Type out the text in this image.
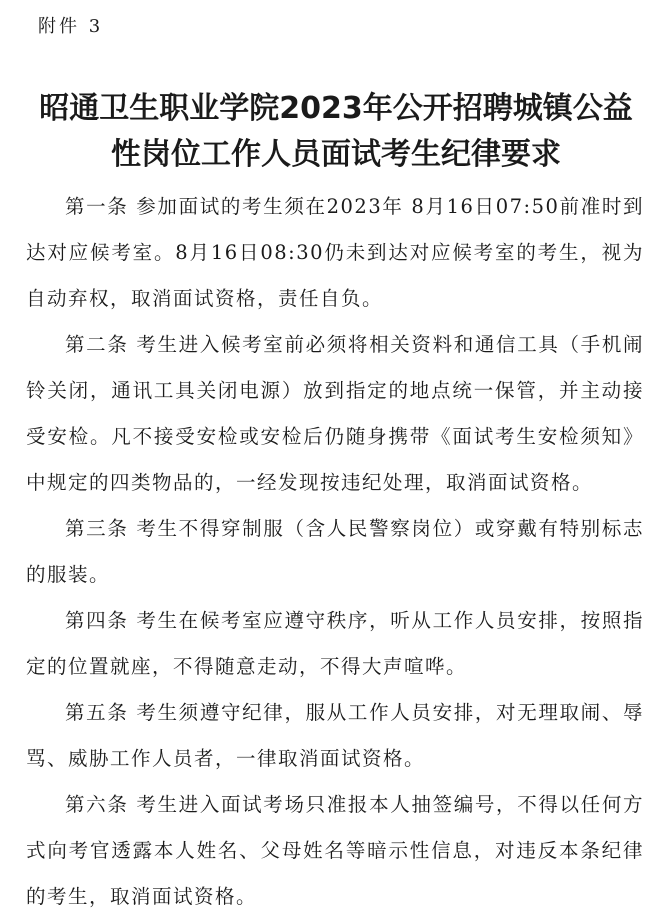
附件 3
昭通卫生职业学院2023年公开招聘城镇公益
性岗位工作人员面试考生纪律要求

第一条 参加面试的考生须在2023年 8月16日07:50前准时到达对应候考室。8月16日08:30仍未到达对应候考室的考生，视为自动弃权，取消面试资格，责任自负。

第二条 考生进入候考室前必须将相关资料和通信工具（手机闹铃关闭，通讯工具关闭电源）放到指定的地点统一保管，并主动接受安检。凡不接受安检或安检后仍随身携带《面试考生安检须知》中规定的四类物品的，一经发现按违纪处理，取消面试资格。

第三条 考生不得穿制服（含人民警察岗位）或穿戴有特别标志的服装。

第四条 考生在候考室应遵守秩序，听从工作人员安排，按照指定的位置就座，不得随意走动，不得大声喧哗。

第五条 考生须遵守纪律，服从工作人员安排，对无理取闹、辱骂、威胁工作人员者，一律取消面试资格。

第六条 考生进入面试考场只准报本人抽签编号，不得以任何方式向考官透露本人姓名、父母姓名等暗示性信息，对违反本条纪律的考生，取消面试资格。
